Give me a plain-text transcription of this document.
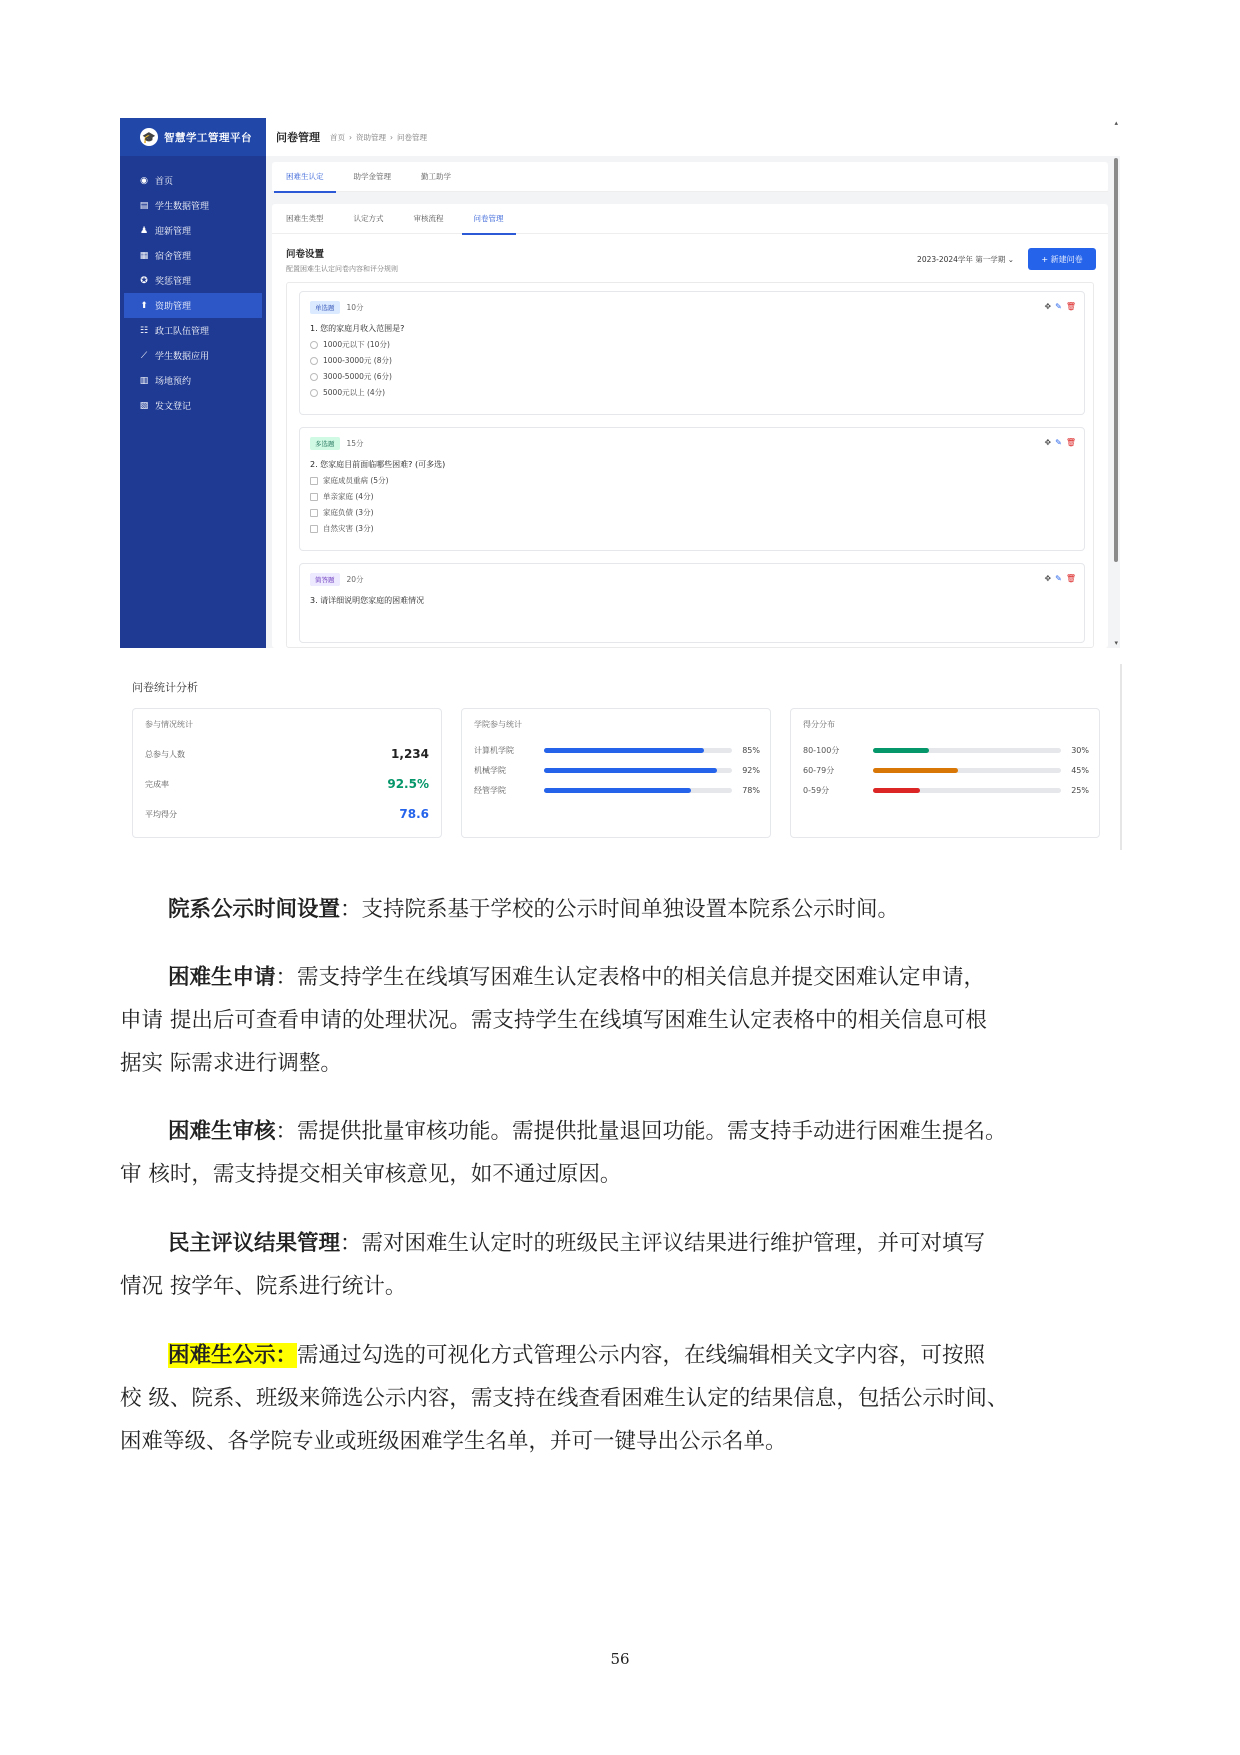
🎓 智慧学工管理平台
◉ 首页
▤ 学生数据管理
♟ 迎新管理
▦ 宿舍管理
✪ 奖惩管理
⬆ 资助管理
☷ 政工队伍管理
⟋ 学生数据应用
▥ 场地预约
▧ 发文登记
问卷管理 首页 › 资助管理 › 问卷管理
▴
▾
困难生认定	助学金管理	勤工助学
困难生类型	认定方式	审核流程	问卷管理
问卷设置
配置困难生认定问卷内容和评分规则
2023-2024学年 第一学期 ⌄	+ 新建问卷
单选题	10分	✥ ✎ 🗑
1. 您的家庭月收入范围是?
1000元以下 (10分)
1000-3000元 (8分)
3000-5000元 (6分)
5000元以上 (4分)
多选题	15分	✥ ✎ 🗑
2. 您家庭目前面临哪些困难? (可多选)
家庭成员重病 (5分)
单亲家庭 (4分)
家庭负债 (3分)
自然灾害 (3分)
简答题	20分	✥ ✎ 🗑
3. 请详细说明您家庭的困难情况
问卷统计分析
参与情况统计
总参与人数	1,234
完成率	92.5%
平均得分	78.6
学院参与统计
计算机学院	85%
机械学院	92%
经管学院	78%
得分分布
80-100分	30%
60-79分	45%
0-59分	25%
院系公示时间设置：支持院系基于学校的公示时间单独设置本院系公示时间。
困难生申请：需支持学生在线填写困难生认定表格中的相关信息并提交困难认定申请，
申请 提出后可查看申请的处理状况。需支持学生在线填写困难生认定表格中的相关信息可根
据实 际需求进行调整。
困难生审核：需提供批量审核功能。需提供批量退回功能。需支持手动进行困难生提名。
审 核时，需支持提交相关审核意见，如不通过原因。
民主评议结果管理：需对困难生认定时的班级民主评议结果进行维护管理，并可对填写
情况 按学年、院系进行统计。
困难生公示：需通过勾选的可视化方式管理公示内容，在线编辑相关文字内容，可按照
校 级、院系、班级来筛选公示内容，需支持在线查看困难生认定的结果信息，包括公示时间、
困难等级、各学院专业或班级困难学生名单，并可一键导出公示名单。
56
